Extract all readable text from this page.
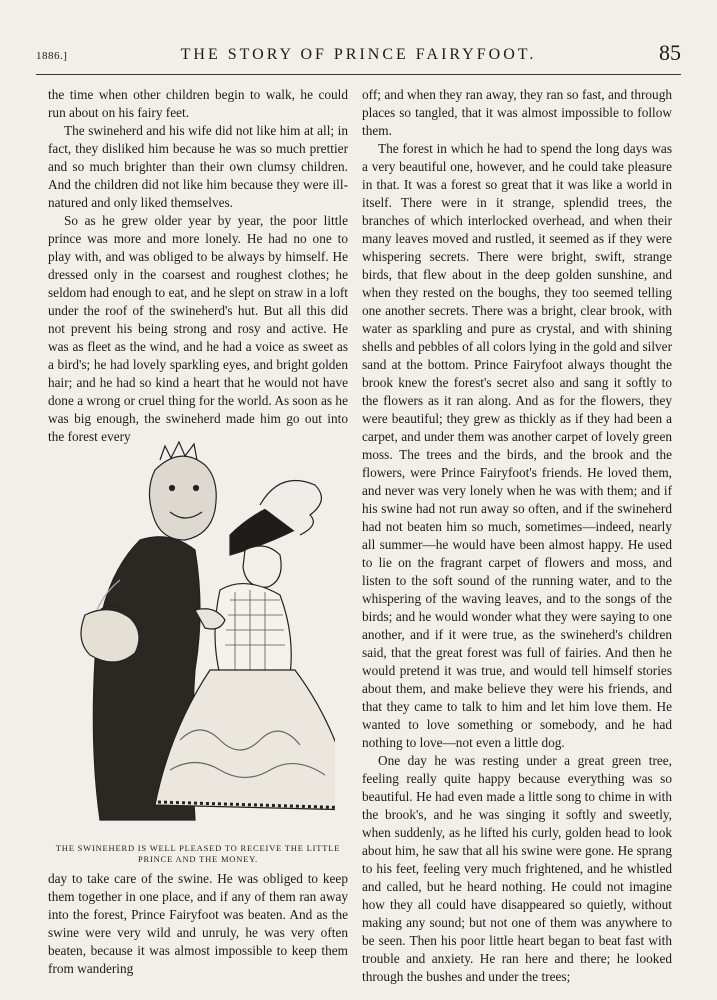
1886.]	THE STORY OF PRINCE FAIRYFOOT.	85

the time when other children begin to walk, he could run about on his fairy feet.

The swineherd and his wife did not like him at all; in fact, they disliked him because he was so much prettier and so much brighter than their own clumsy children. And the children did not like him because they were ill-natured and only liked themselves.

So as he grew older year by year, the poor little prince was more and more lonely. He had no one to play with, and was obliged to be always by himself. He dressed only in the coarsest and roughest clothes; he seldom had enough to eat, and he slept on straw in a loft under the roof of the swineherd's hut. But all this did not prevent his being strong and rosy and active. He was as fleet as the wind, and he had a voice as sweet as a bird's; he had lovely sparkling eyes, and bright golden hair; and he had so kind a heart that he would not have done a wrong or cruel thing for the world. As soon as he was big enough, the swineherd made him go out into the forest every

THE SWINEHERD IS WELL PLEASED TO RECEIVE THE LITTLE PRINCE AND THE MONEY.

day to take care of the swine. He was obliged to keep them together in one place, and if any of them ran away into the forest, Prince Fairyfoot was beaten. And as the swine were very wild and unruly, he was very often beaten, because it was almost impossible to keep them from wandering

off; and when they ran away, they ran so fast, and through places so tangled, that it was almost impossible to follow them.

The forest in which he had to spend the long days was a very beautiful one, however, and he could take pleasure in that. It was a forest so great that it was like a world in itself. There were in it strange, splendid trees, the branches of which interlocked overhead, and when their many leaves moved and rustled, it seemed as if they were whispering secrets. There were bright, swift, strange birds, that flew about in the deep golden sunshine, and when they rested on the boughs, they too seemed telling one another secrets. There was a bright, clear brook, with water as sparkling and pure as crystal, and with shining shells and pebbles of all colors lying in the gold and silver sand at the bottom. Prince Fairyfoot always thought the brook knew the forest's secret also and sang it softly to the flowers as it ran along. And as for the flowers, they were beautiful; they grew as thickly as if they had been a carpet, and under them was another carpet of lovely green moss. The trees and the birds, and the brook and the flowers, were Prince Fairyfoot's friends. He loved them, and never was very lonely when he was with them; and if his swine had not run away so often, and if the swineherd had not beaten him so much, sometimes—indeed, nearly all summer—he would have been almost happy. He used to lie on the fragrant carpet of flowers and moss, and listen to the soft sound of the running water, and to the whispering of the waving leaves, and to the songs of the birds; and he would wonder what they were saying to one another, and if it were true, as the swineherd's children said, that the great forest was full of fairies. And then he would pretend it was true, and would tell himself stories about them, and make believe they were his friends, and that they came to talk to him and let him love them. He wanted to love something or somebody, and he had nothing to love—not even a little dog.

One day he was resting under a great green tree, feeling really quite happy because everything was so beautiful. He had even made a little song to chime in with the brook's, and he was singing it softly and sweetly, when suddenly, as he lifted his curly, golden head to look about him, he saw that all his swine were gone. He sprang to his feet, feeling very much frightened, and he whistled and called, but he heard nothing. He could not imagine how they all could have disappeared so quietly, without making any sound; but not one of them was anywhere to be seen. Then his poor little heart began to beat fast with trouble and anxiety. He ran here and there; he looked through the bushes and under the trees;
